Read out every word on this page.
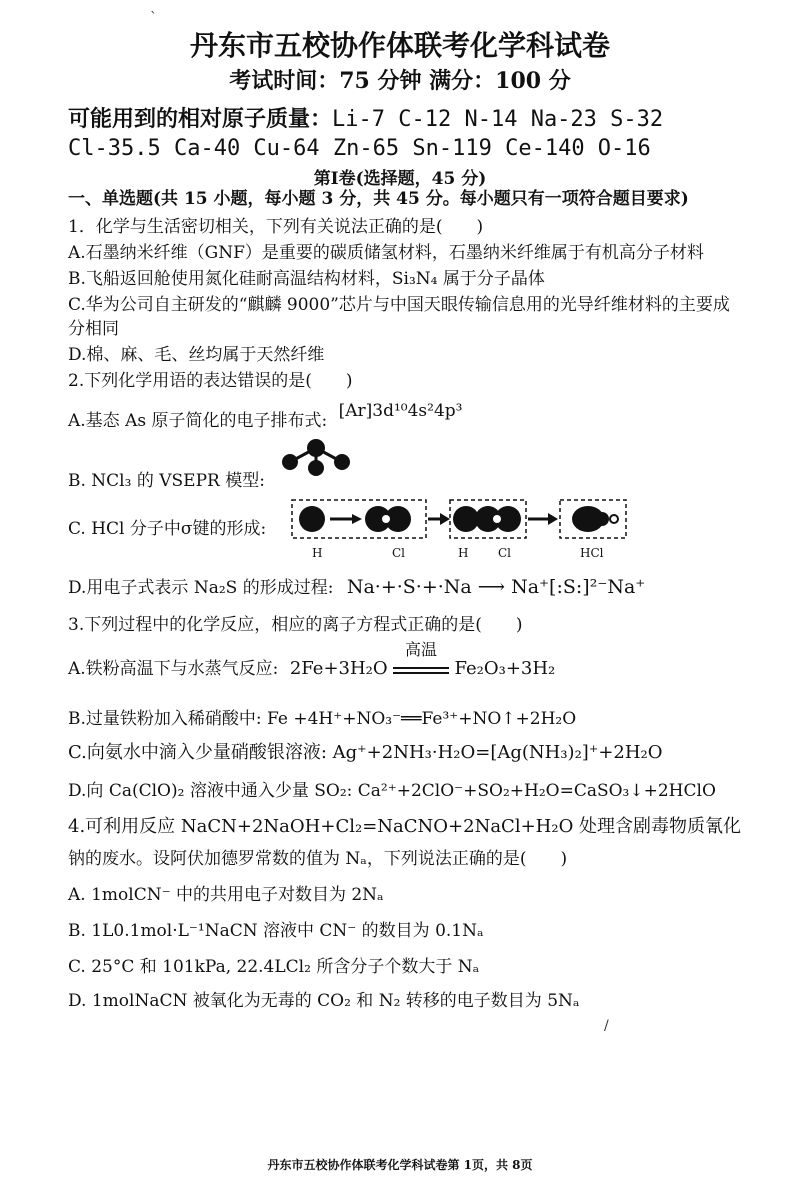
ˋ
丹东市五校协作体联考化学科试卷
考试时间：75 分钟 满分：100 分
可能用到的相对原子质量：Li-7 C-12 N-14 Na-23 S-32
Cl-35.5 Ca-40 Cu-64 Zn-65 Sn-119 Ce-140 O-16
第Ⅰ卷(选择题，45 分)
一、单选题(共 15 小题，每小题 3 分，共 45 分。每小题只有一项符合题目要求)
1．化学与生活密切相关，下列有关说法正确的是(　　)
A.石墨纳米纤维（GNF）是重要的碳质储氢材料，石墨纳米纤维属于有机高分子材料
B.飞船返回舱使用氮化硅耐高温结构材料，Si₃N₄ 属于分子晶体
C.华为公司自主研发的“麒麟 9000”芯片与中国天眼传输信息用的光导纤维材料的主要成
分相同
D.棉、麻、毛、丝均属于天然纤维
2.下列化学用语的表达错误的是(　　)
A.基态 As 原子简化的电子排布式: [Ar]3d¹⁰4s²4p³
B. NCl₃ 的 VSEPR 模型:
C. HCl 分子中σ键的形成:
H	Cl	H Cl	HCl
D.用电子式表示 Na₂S 的形成过程: Na·+·S·+·Na ⟶ Na⁺[:S:]²⁻Na⁺
3.下列过程中的化学反应，相应的离子方程式正确的是(　　)
A.铁粉高温下与水蒸气反应: 2Fe+3H₂O
高温
Fe₂O₃+3H₂
B.过量铁粉加入稀硝酸中: Fe +4H⁺+NO₃⁻══Fe³⁺+NO↑+2H₂O
C.向氨水中滴入少量硝酸银溶液: Ag⁺+2NH₃·H₂O=[Ag(NH₃)₂]⁺+2H₂O
D.向 Ca(ClO)₂ 溶液中通入少量 SO₂: Ca²⁺+2ClO⁻+SO₂+H₂O=CaSO₃↓+2HClO
4.可利用反应 NaCN+2NaOH+Cl₂=NaCNO+2NaCl+H₂O 处理含剧毒物质氰化
钠的废水。设阿伏加德罗常数的值为 Nₐ，下列说法正确的是(　　)
A. 1molCN⁻ 中的共用电子对数目为 2Nₐ
B. 1L0.1mol·L⁻¹NaCN 溶液中 CN⁻ 的数目为 0.1Nₐ
C. 25°C 和 101kPa, 22.4LCl₂ 所含分子个数大于 Nₐ
D. 1molNaCN 被氧化为无毒的 CO₂ 和 N₂ 转移的电子数目为 5Nₐ
/
丹东市五校协作体联考化学科试卷第 1页，共 8页
